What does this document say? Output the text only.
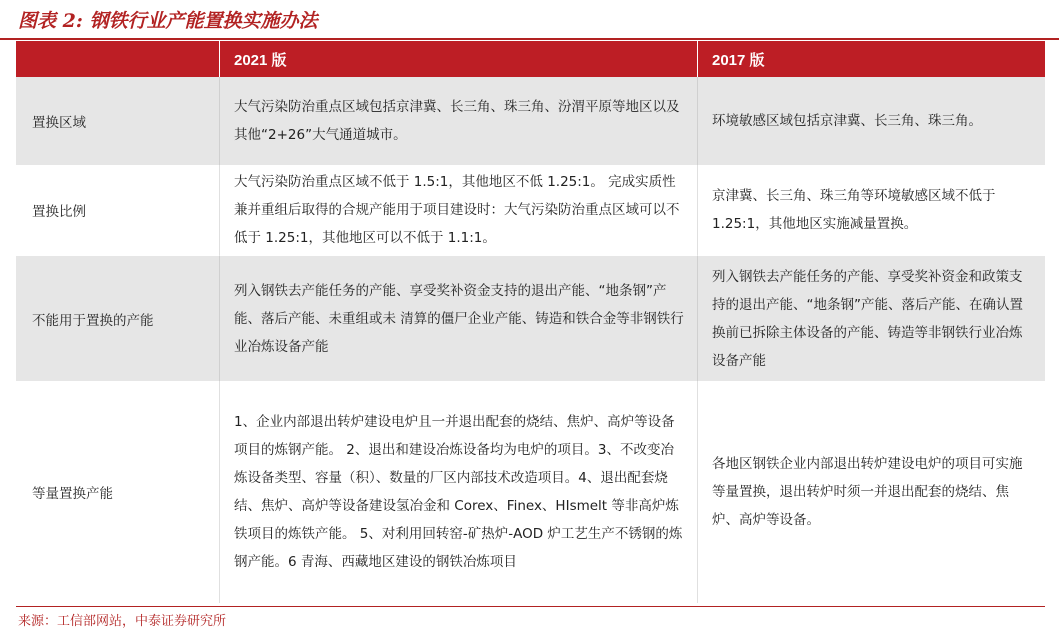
图表 2: 钢铁行业产能置换实施办法
	2021 版	2017 版
置换区域	大气污染防治重点区域包括京津冀、长三角、珠三角、汾渭平原等地区以及其他“2+26”大气通道城市。	环境敏感区域包括京津冀、长三角、珠三角。
置换比例	大气污染防治重点区域不低于 1.5:1，其他地区不低 1.25:1。 完成实质性兼并重组后取得的合规产能用于项目建设时：大气污染防治重点区域可以不低于 1.25:1，其他地区可以不低于 1.1:1。	京津冀、长三角、珠三角等环境敏感区域不低于 1.25:1，其他地区实施减量置换。
不能用于置换的产能	列入钢铁去产能任务的产能、享受奖补资金支持的退出产能、“地条钢”产能、落后产能、未重组或未 清算的僵尸企业产能、铸造和铁合金等非钢铁行业冶炼设备产能	列入钢铁去产能任务的产能、享受奖补资金和政策支持的退出产能、“地条钢”产能、落后产能、在确认置换前已拆除主体设备的产能、铸造等非钢铁行业冶炼设备产能
等量置换产能	1、企业内部退出转炉建设电炉且一并退出配套的烧结、焦炉、高炉等设备项目的炼钢产能。 2、退出和建设冶炼设备均为电炉的项目。3、不改变冶炼设备类型、容量（积）、数量的厂区内部技术改造项目。4、退出配套烧结、焦炉、高炉等设备建设氢冶金和 Corex、Finex、HIsmelt 等非高炉炼铁项目的炼铁产能。 5、对利用回转窑-矿热炉-AOD 炉工艺生产不锈钢的炼钢产能。6 青海、西藏地区建设的钢铁冶炼项目	各地区钢铁企业内部退出转炉建设电炉的项目可实施等量置换，退出转炉时须一并退出配套的烧结、焦 炉、高炉等设备。
来源：工信部网站，中泰证券研究所
